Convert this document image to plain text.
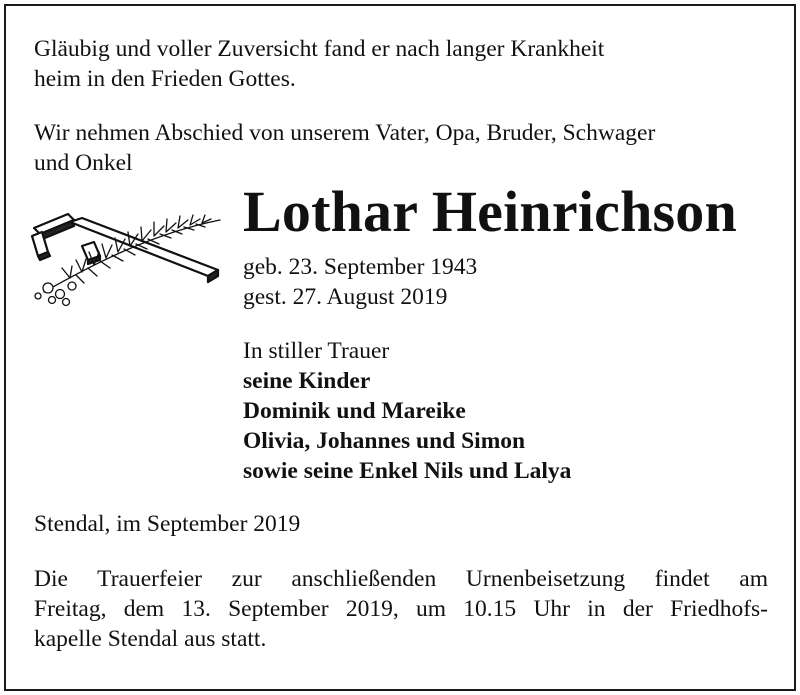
Gläubig und voller Zuversicht fand er nach langer Krankheit
heim in den Frieden Gottes.

Wir nehmen Abschied von unserem Vater, Opa, Bruder, Schwager
und Onkel

Lothar Heinrichson

geb. 23. September 1943
gest. 27. August 2019

In stiller Trauer
seine Kinder
Dominik und Mareike
Olivia, Johannes und Simon
sowie seine Enkel Nils und Lalya

Stendal, im September 2019

Die Trauerfeier zur anschließenden Urnenbeisetzung findet am
Freitag, dem 13. September 2019, um 10.15 Uhr in der Friedhofs-
kapelle Stendal aus statt.
